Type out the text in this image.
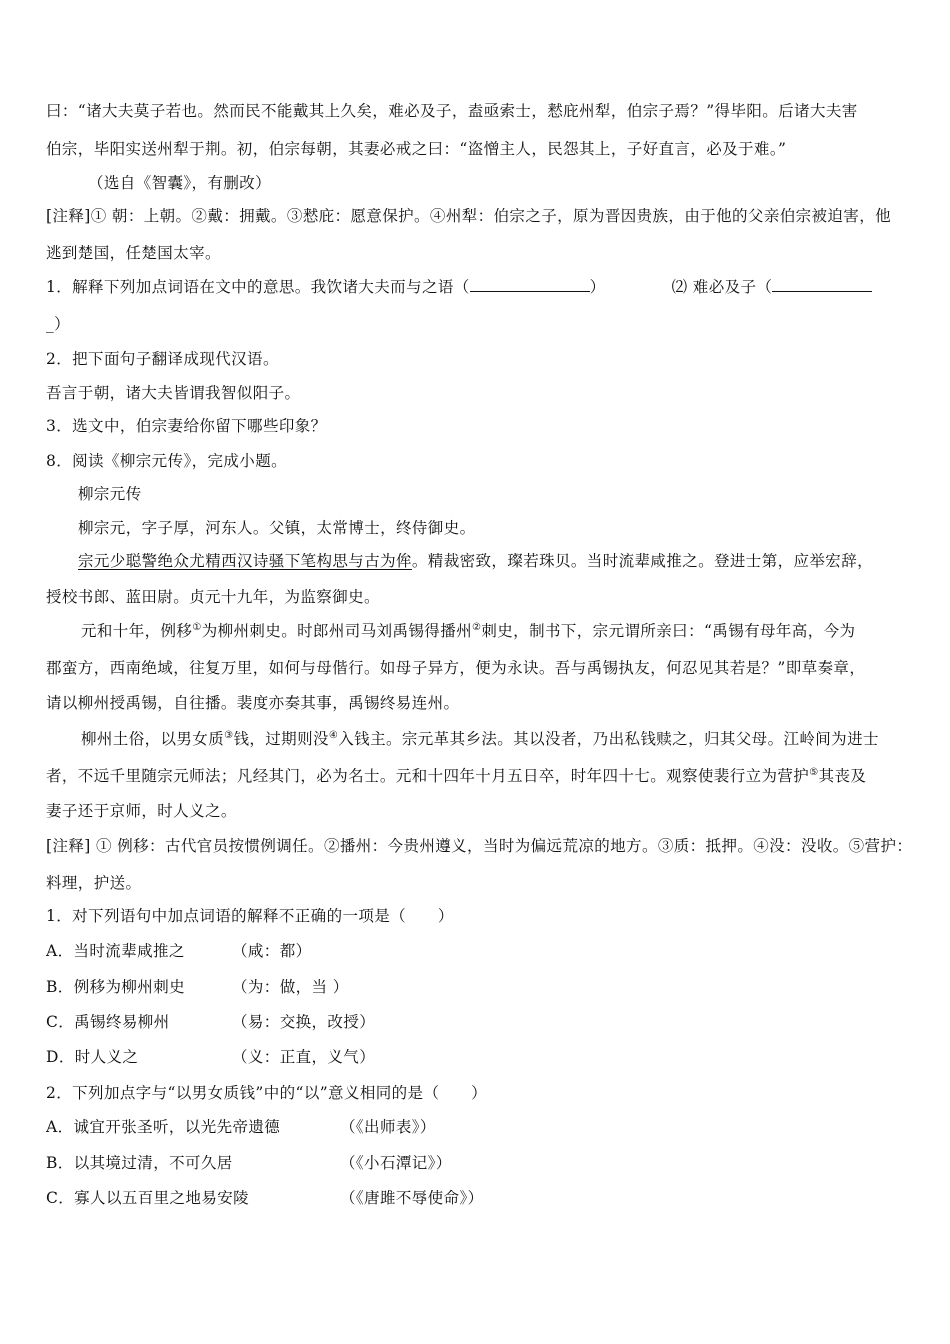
曰：“诸大夫莫子若也。然而民不能戴其上久矣，难必及子，盍亟索士，慭庇州犁，伯宗子焉？”得毕阳。后诸大夫害
伯宗，毕阳实送州犁于荆。初，伯宗每朝，其妻必戒之曰：“盗憎主人，民怨其上，子好直言，必及于难。”
（选自《智囊》，有删改）
[注释]① 朝：上朝。②戴：拥戴。③慭庇：愿意保护。④州犁：伯宗之子，原为晋因贵族，由于他的父亲伯宗被迫害，他
逃到楚国，任楚国太宰。
1．解释下列加点词语在文中的意思。我饮诸大夫而与之语（	）	⑵ 难必及子（
_）
2．把下面句子翻译成现代汉语。
吾言于朝，诸大夫皆谓我智似阳子。
3．选文中，伯宗妻给你留下哪些印象？
8．阅读《柳宗元传》，完成小题。
柳宗元传
柳宗元，字子厚，河东人。父镇，太常博士，终侍御史。
宗元少聪警绝众尤精西汉诗骚下笔构思与古为侔。精裁密致，璨若珠贝。当时流辈咸推之。登进士第，应举宏辞，
授校书郎、蓝田尉。贞元十九年，为监察御史。
元和十年，例移①为柳州刺史。时郎州司马刘禹锡得播州②刺史，制书下，宗元谓所亲曰：“禹锡有母年高，今为
郡蛮方，西南绝域，往复万里，如何与母偕行。如母子异方，便为永诀。吾与禹锡执友，何忍见其若是？”即草奏章，
请以柳州授禹锡，自往播。裴度亦奏其事，禹锡终易连州。
柳州土俗，以男女质③钱，过期则没④入钱主。宗元革其乡法。其以没者，乃出私钱赎之，归其父母。江岭间为进士
者，不远千里随宗元师法；凡经其门，必为名士。元和十四年十月五日卒，时年四十七。观察使裴行立为营护⑤其丧及
妻子还于京师，时人义之。
[注释] ① 例移：古代官员按惯例调任。②播州：今贵州遵义，当时为偏远荒凉的地方。③质：抵押。④没：没收。⑤营护：
料理，护送。
1．对下列语句中加点词语的解释不正确的一项是（　　）
A．当时流辈咸推之	（咸：都）
B．例移为柳州刺史	（为：做，当 ）
C．禹锡终易柳州	（易：交换，改授）
D．时人义之	（义：正直，义气）
2．下列加点字与“以男女质钱”中的“以”意义相同的是（　　）
A．诚宜开张圣听，以光先帝遗德	（《出师表》）
B．以其境过清，不可久居	（《小石潭记》）
C．寡人以五百里之地易安陵	（《唐雎不辱使命》）
